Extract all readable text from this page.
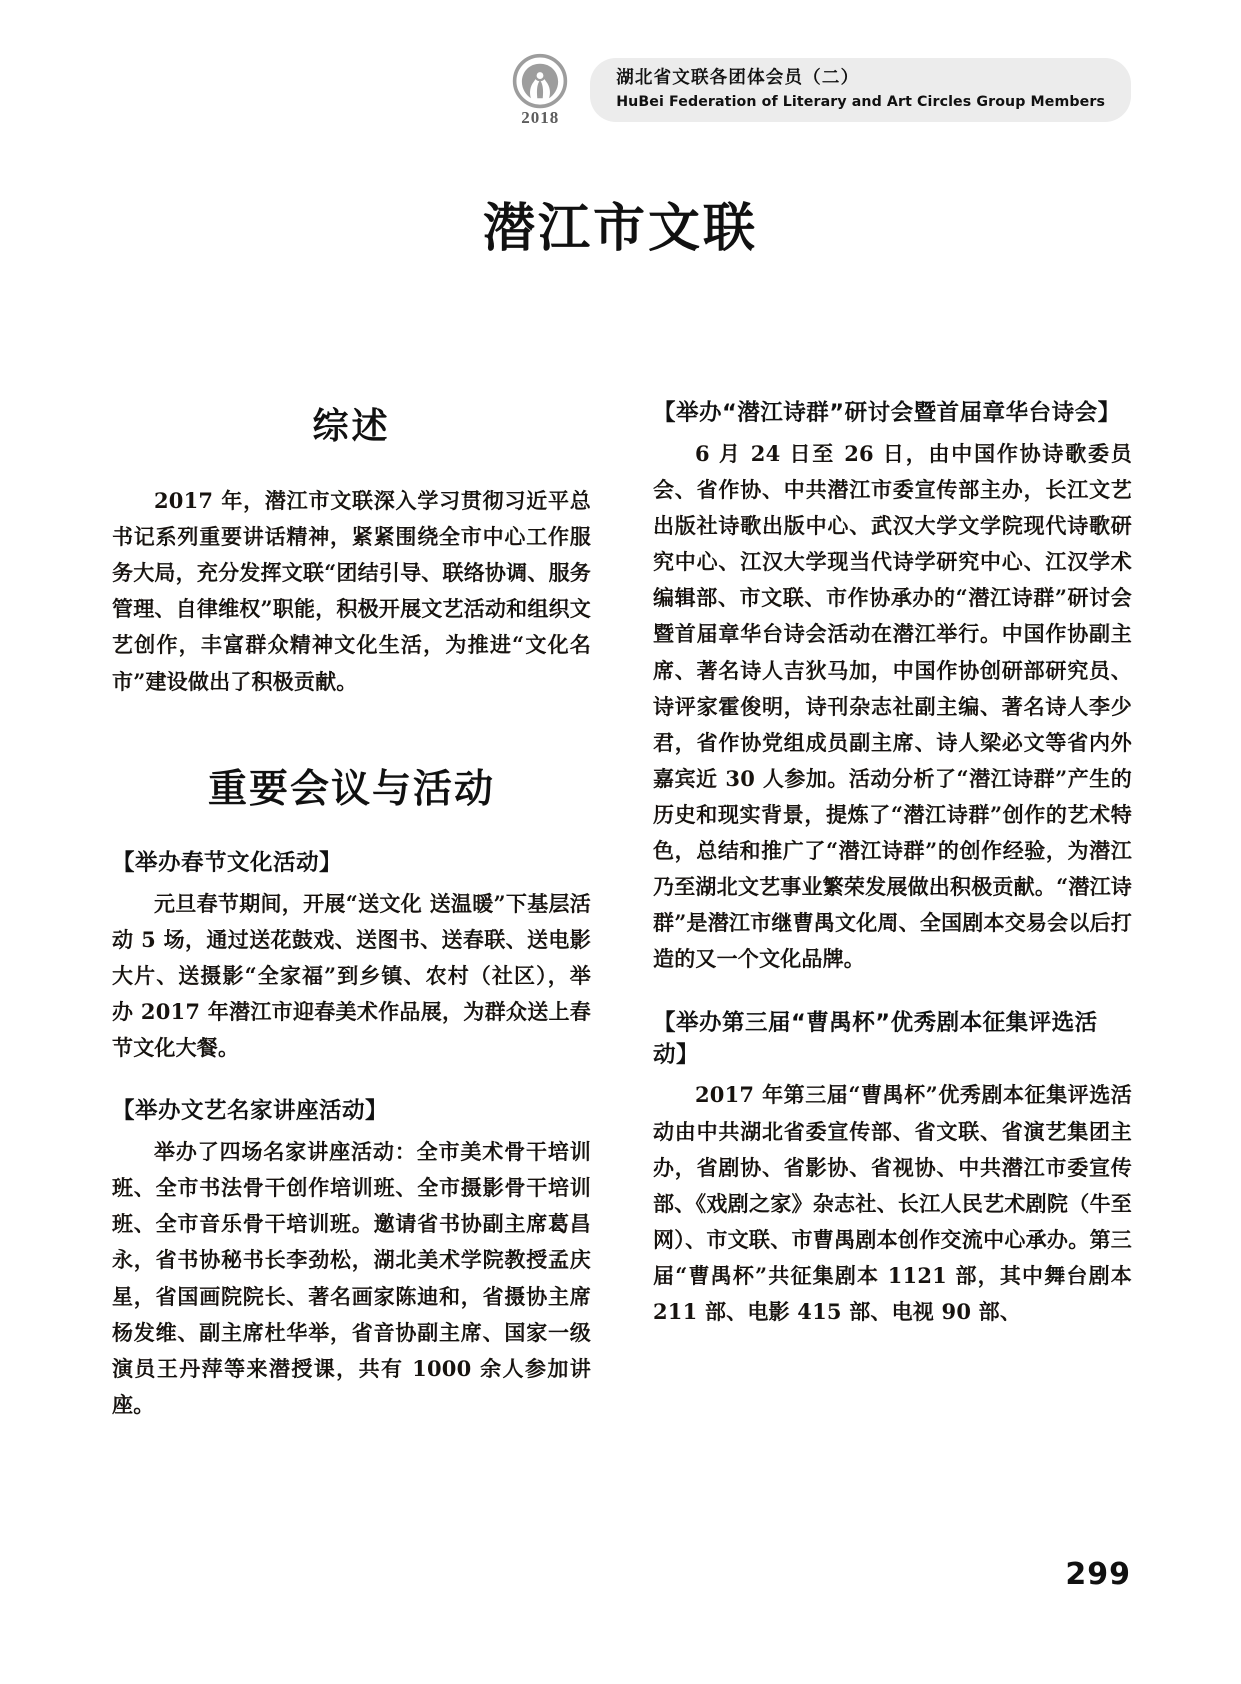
2018
湖北省文联各团体会员（二）
HuBei Federation of Literary and Art Circles Group Members
潜江市文联
综述

2017 年，潜江市文联深入学习贯彻习近平总书记系列重要讲话精神，紧紧围绕全市中心工作服务大局，充分发挥文联“团结引导、联络协调、服务管理、自律维权”职能，积极开展文艺活动和组织文艺创作，丰富群众精神文化生活，为推进“文化名市”建设做出了积极贡献。

重要会议与活动
【举办春节文化活动】

元旦春节期间，开展“送文化 送温暖”下基层活动 5 场，通过送花鼓戏、送图书、送春联、送电影大片、送摄影“全家福”到乡镇、农村（社区），举办 2017 年潜江市迎春美术作品展，为群众送上春节文化大餐。

【举办文艺名家讲座活动】

举办了四场名家讲座活动：全市美术骨干培训班、全市书法骨干创作培训班、全市摄影骨干培训班、全市音乐骨干培训班。邀请省书协副主席葛昌永，省书协秘书长李劲松，湖北美术学院教授孟庆星，省国画院院长、著名画家陈迪和，省摄协主席杨发维、副主席杜华举，省音协副主席、国家一级演员王丹萍等来潜授课，共有 1000 余人参加讲座。

【举办“潜江诗群”研讨会暨首届章华台诗会】

6 月 24 日至 26 日，由中国作协诗歌委员会、省作协、中共潜江市委宣传部主办，长江文艺出版社诗歌出版中心、武汉大学文学院现代诗歌研究中心、江汉大学现当代诗学研究中心、江汉学术编辑部、市文联、市作协承办的“潜江诗群”研讨会暨首届章华台诗会活动在潜江举行。中国作协副主席、著名诗人吉狄马加，中国作协创研部研究员、诗评家霍俊明，诗刊杂志社副主编、著名诗人李少君，省作协党组成员副主席、诗人梁必文等省内外嘉宾近 30 人参加。活动分析了“潜江诗群”产生的历史和现实背景，提炼了“潜江诗群”创作的艺术特色，总结和推广了“潜江诗群”的创作经验，为潜江乃至湖北文艺事业繁荣发展做出积极贡献。“潜江诗群”是潜江市继曹禺文化周、全国剧本交易会以后打造的又一个文化品牌。

【举办第三届“曹禺杯”优秀剧本征集评选活动】

2017 年第三届“曹禺杯”优秀剧本征集评选活动由中共湖北省委宣传部、省文联、省演艺集团主办，省剧协、省影协、省视协、中共潜江市委宣传部、《戏剧之家》杂志社、长江人民艺术剧院（牛至网）、市文联、市曹禺剧本创作交流中心承办。第三届“曹禺杯”共征集剧本 1121 部，其中舞台剧本 211 部、电影 415 部、电视 90 部、

299
